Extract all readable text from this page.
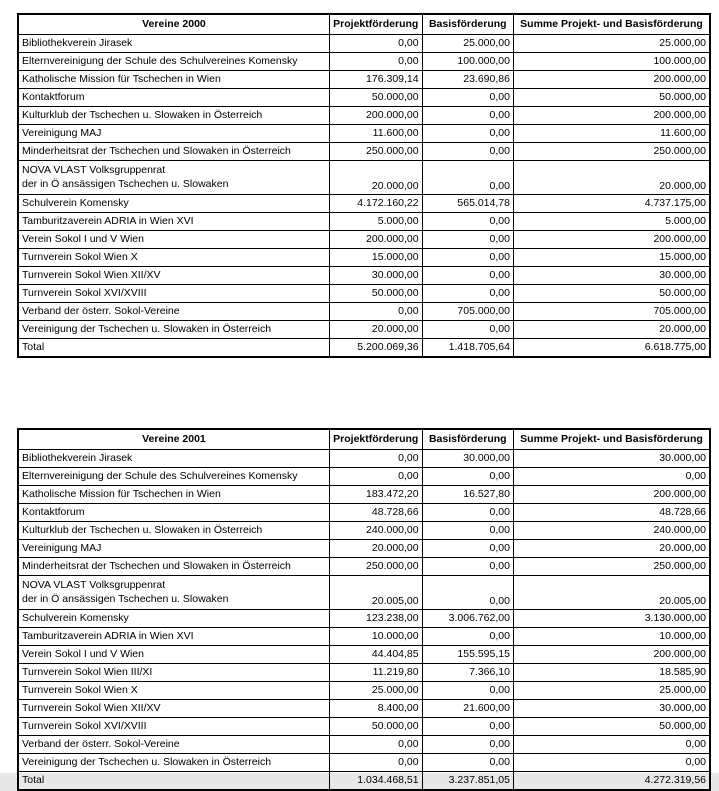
Vereine 2000	Projektförderung	Basisförderung	Summe Projekt- und Basisförderung

Bibliothekverein Jirasek	0,00	25.000,00	25.000,00

Elternvereinigung der Schule des Schulvereines Komensky	0,00	100.000,00	100.000,00

Katholische Mission für Tschechen in Wien	176.309,14	23.690,86	200.000,00

Kontaktforum	50.000,00	0,00	50.000,00

Kulturklub der Tschechen u. Slowaken in Österreich	200.000,00	0,00	200.000,00

Vereinigung MAJ	11.600,00	0,00	11.600,00

Minderheitsrat der Tschechen und Slowaken in Österreich	250.000,00	0,00	250.000,00

NOVA VLAST Volksgruppenrat
der in Ö ansässigen Tschechen u. Slowaken	20.000,00	0,00	20.000,00

Schulverein Komensky	4.172.160,22	565.014,78	4.737.175,00

Tamburitzaverein ADRIA in Wien XVI	5.000,00	0,00	5.000,00

Verein Sokol I und V Wien	200.000,00	0,00	200.000,00

Turnverein Sokol Wien X	15.000,00	0,00	15.000,00

Turnverein Sokol Wien XII/XV	30.000,00	0,00	30.000,00

Turnverein Sokol XVI/XVIII	50.000,00	0,00	50.000,00

Verband der österr. Sokol-Vereine	0,00	705.000,00	705.000,00

Vereinigung der Tschechen u. Slowaken in Österreich	20.000,00	0,00	20.000,00

Total	5.200.069,36	1.418.705,64	6.618.775,00
Vereine 2001	Projektförderung	Basisförderung	Summe Projekt- und Basisförderung

Bibliothekverein Jirasek	0,00	30.000,00	30.000,00

Elternvereinigung der Schule des Schulvereines Komensky	0,00	0,00	0,00

Katholische Mission für Tschechen in Wien	183.472,20	16.527,80	200.000,00

Kontaktforum	48.728,66	0,00	48.728,66

Kulturklub der Tschechen u. Slowaken in Österreich	240.000,00	0,00	240.000,00

Vereinigung MAJ	20.000,00	0,00	20.000,00

Minderheitsrat der Tschechen und Slowaken in Österreich	250.000,00	0,00	250.000,00

NOVA VLAST Volksgruppenrat
der in Ö ansässigen Tschechen u. Slowaken	20.005,00	0,00	20.005,00

Schulverein Komensky	123.238,00	3.006.762,00	3.130.000,00

Tamburitzaverein ADRIA in Wien XVI	10.000,00	0,00	10.000,00

Verein Sokol I und V Wien	44.404,85	155.595,15	200.000,00

Turnverein Sokol Wien III/XI	11.219,80	7.366,10	18.585,90

Turnverein Sokol Wien X	25.000,00	0,00	25.000,00

Turnverein Sokol Wien XII/XV	8.400,00	21.600,00	30.000,00

Turnverein Sokol XVI/XVIII	50.000,00	0,00	50.000,00

Verband der österr. Sokol-Vereine	0,00	0,00	0,00

Vereinigung der Tschechen u. Slowaken in Österreich	0,00	0,00	0,00

Total	1.034.468,51	3.237.851,05	4.272.319,56
